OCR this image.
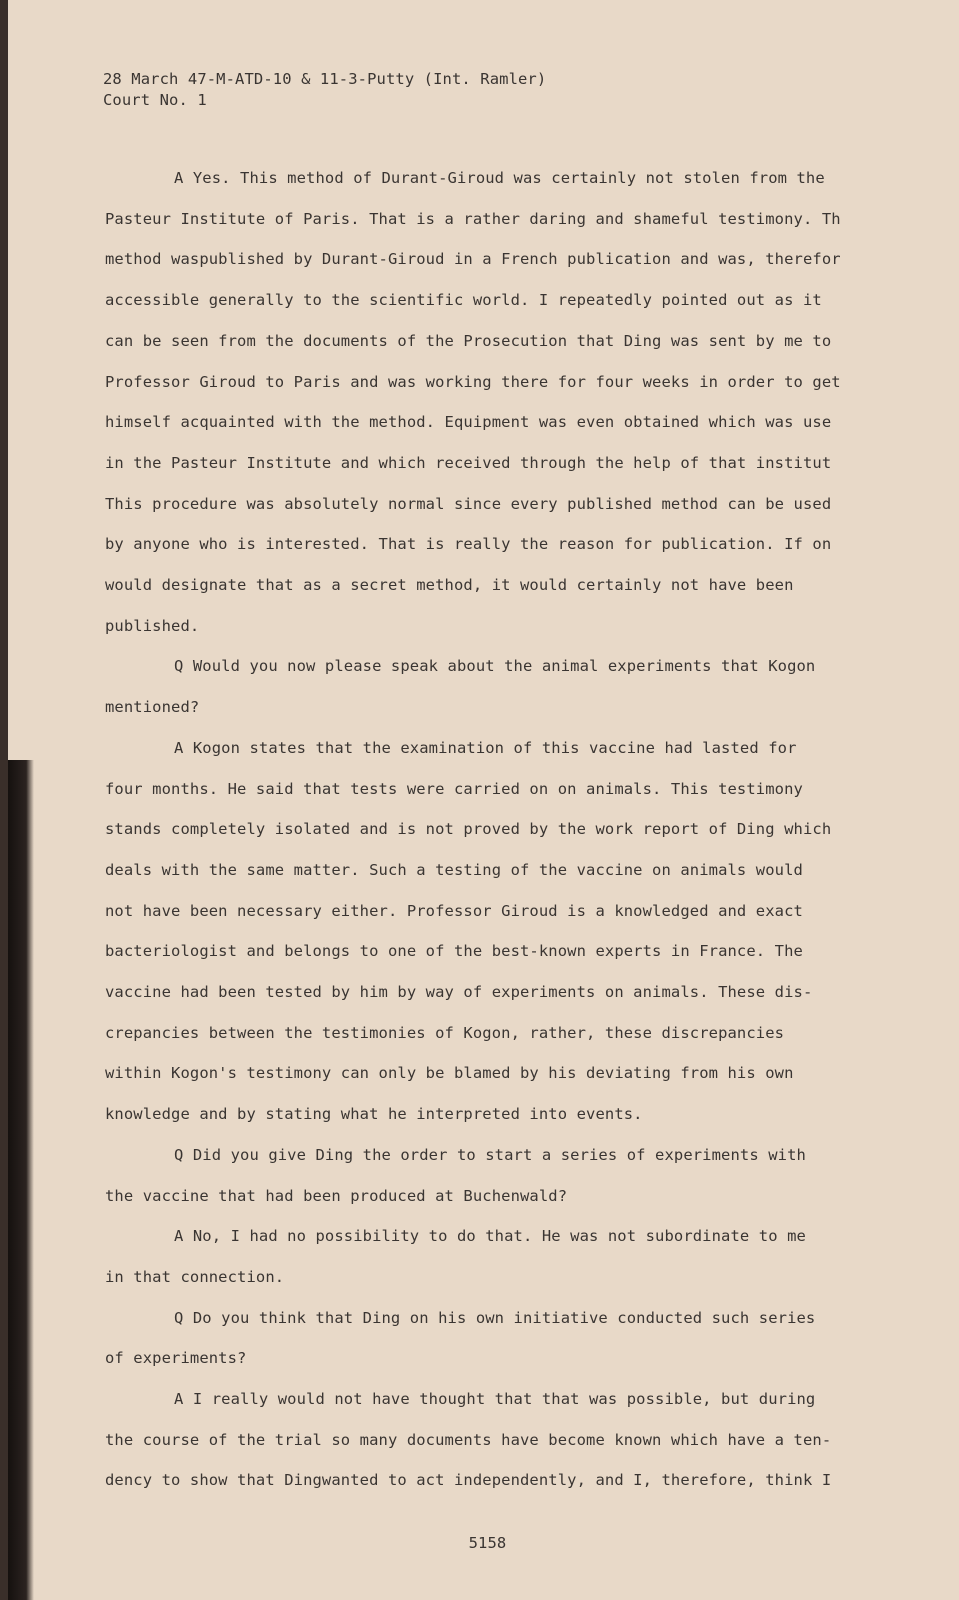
28 March 47-M-ATD-10 & 11-3-Putty (Int. Ramler)
Court No. 1
A Yes. This method of Durant-Giroud was certainly not stolen from the
Pasteur Institute of Paris. That is a rather daring and shameful testimony. Th
method waspublished by Durant-Giroud in a French publication and was, therefor
accessible generally to the scientific world. I repeatedly pointed out as it
can be seen from the documents of the Prosecution that Ding was sent by me to
Professor Giroud to Paris and was working there for four weeks in order to get
himself acquainted with the method. Equipment was even obtained which was use
in the Pasteur Institute and which received through the help of that institut
This procedure was absolutely normal since every published method can be used
by anyone who is interested. That is really the reason for publication. If on
would designate that as a secret method, it would certainly not have been
published.
Q Would you now please speak about the animal experiments that Kogon
mentioned?
A Kogon states that the examination of this vaccine had lasted for
four months. He said that tests were carried on on animals. This testimony
stands completely isolated and is not proved by the work report of Ding which
deals with the same matter. Such a testing of the vaccine on animals would
not have been necessary either. Professor Giroud is a knowledged and exact
bacteriologist and belongs to one of the best-known experts in France. The
vaccine had been tested by him by way of experiments on animals. These dis-
crepancies between the testimonies of Kogon, rather, these discrepancies
within Kogon's testimony can only be blamed by his deviating from his own
knowledge and by stating what he interpreted into events.
Q Did you give Ding the order to start a series of experiments with
the vaccine that had been produced at Buchenwald?
A No, I had no possibility to do that. He was not subordinate to me
in that connection.
Q Do you think that Ding on his own initiative conducted such series
of experiments?
A I really would not have thought that that was possible, but during
the course of the trial so many documents have become known which have a ten-
dency to show that Dingwanted to act independently, and I, therefore, think I
5158
